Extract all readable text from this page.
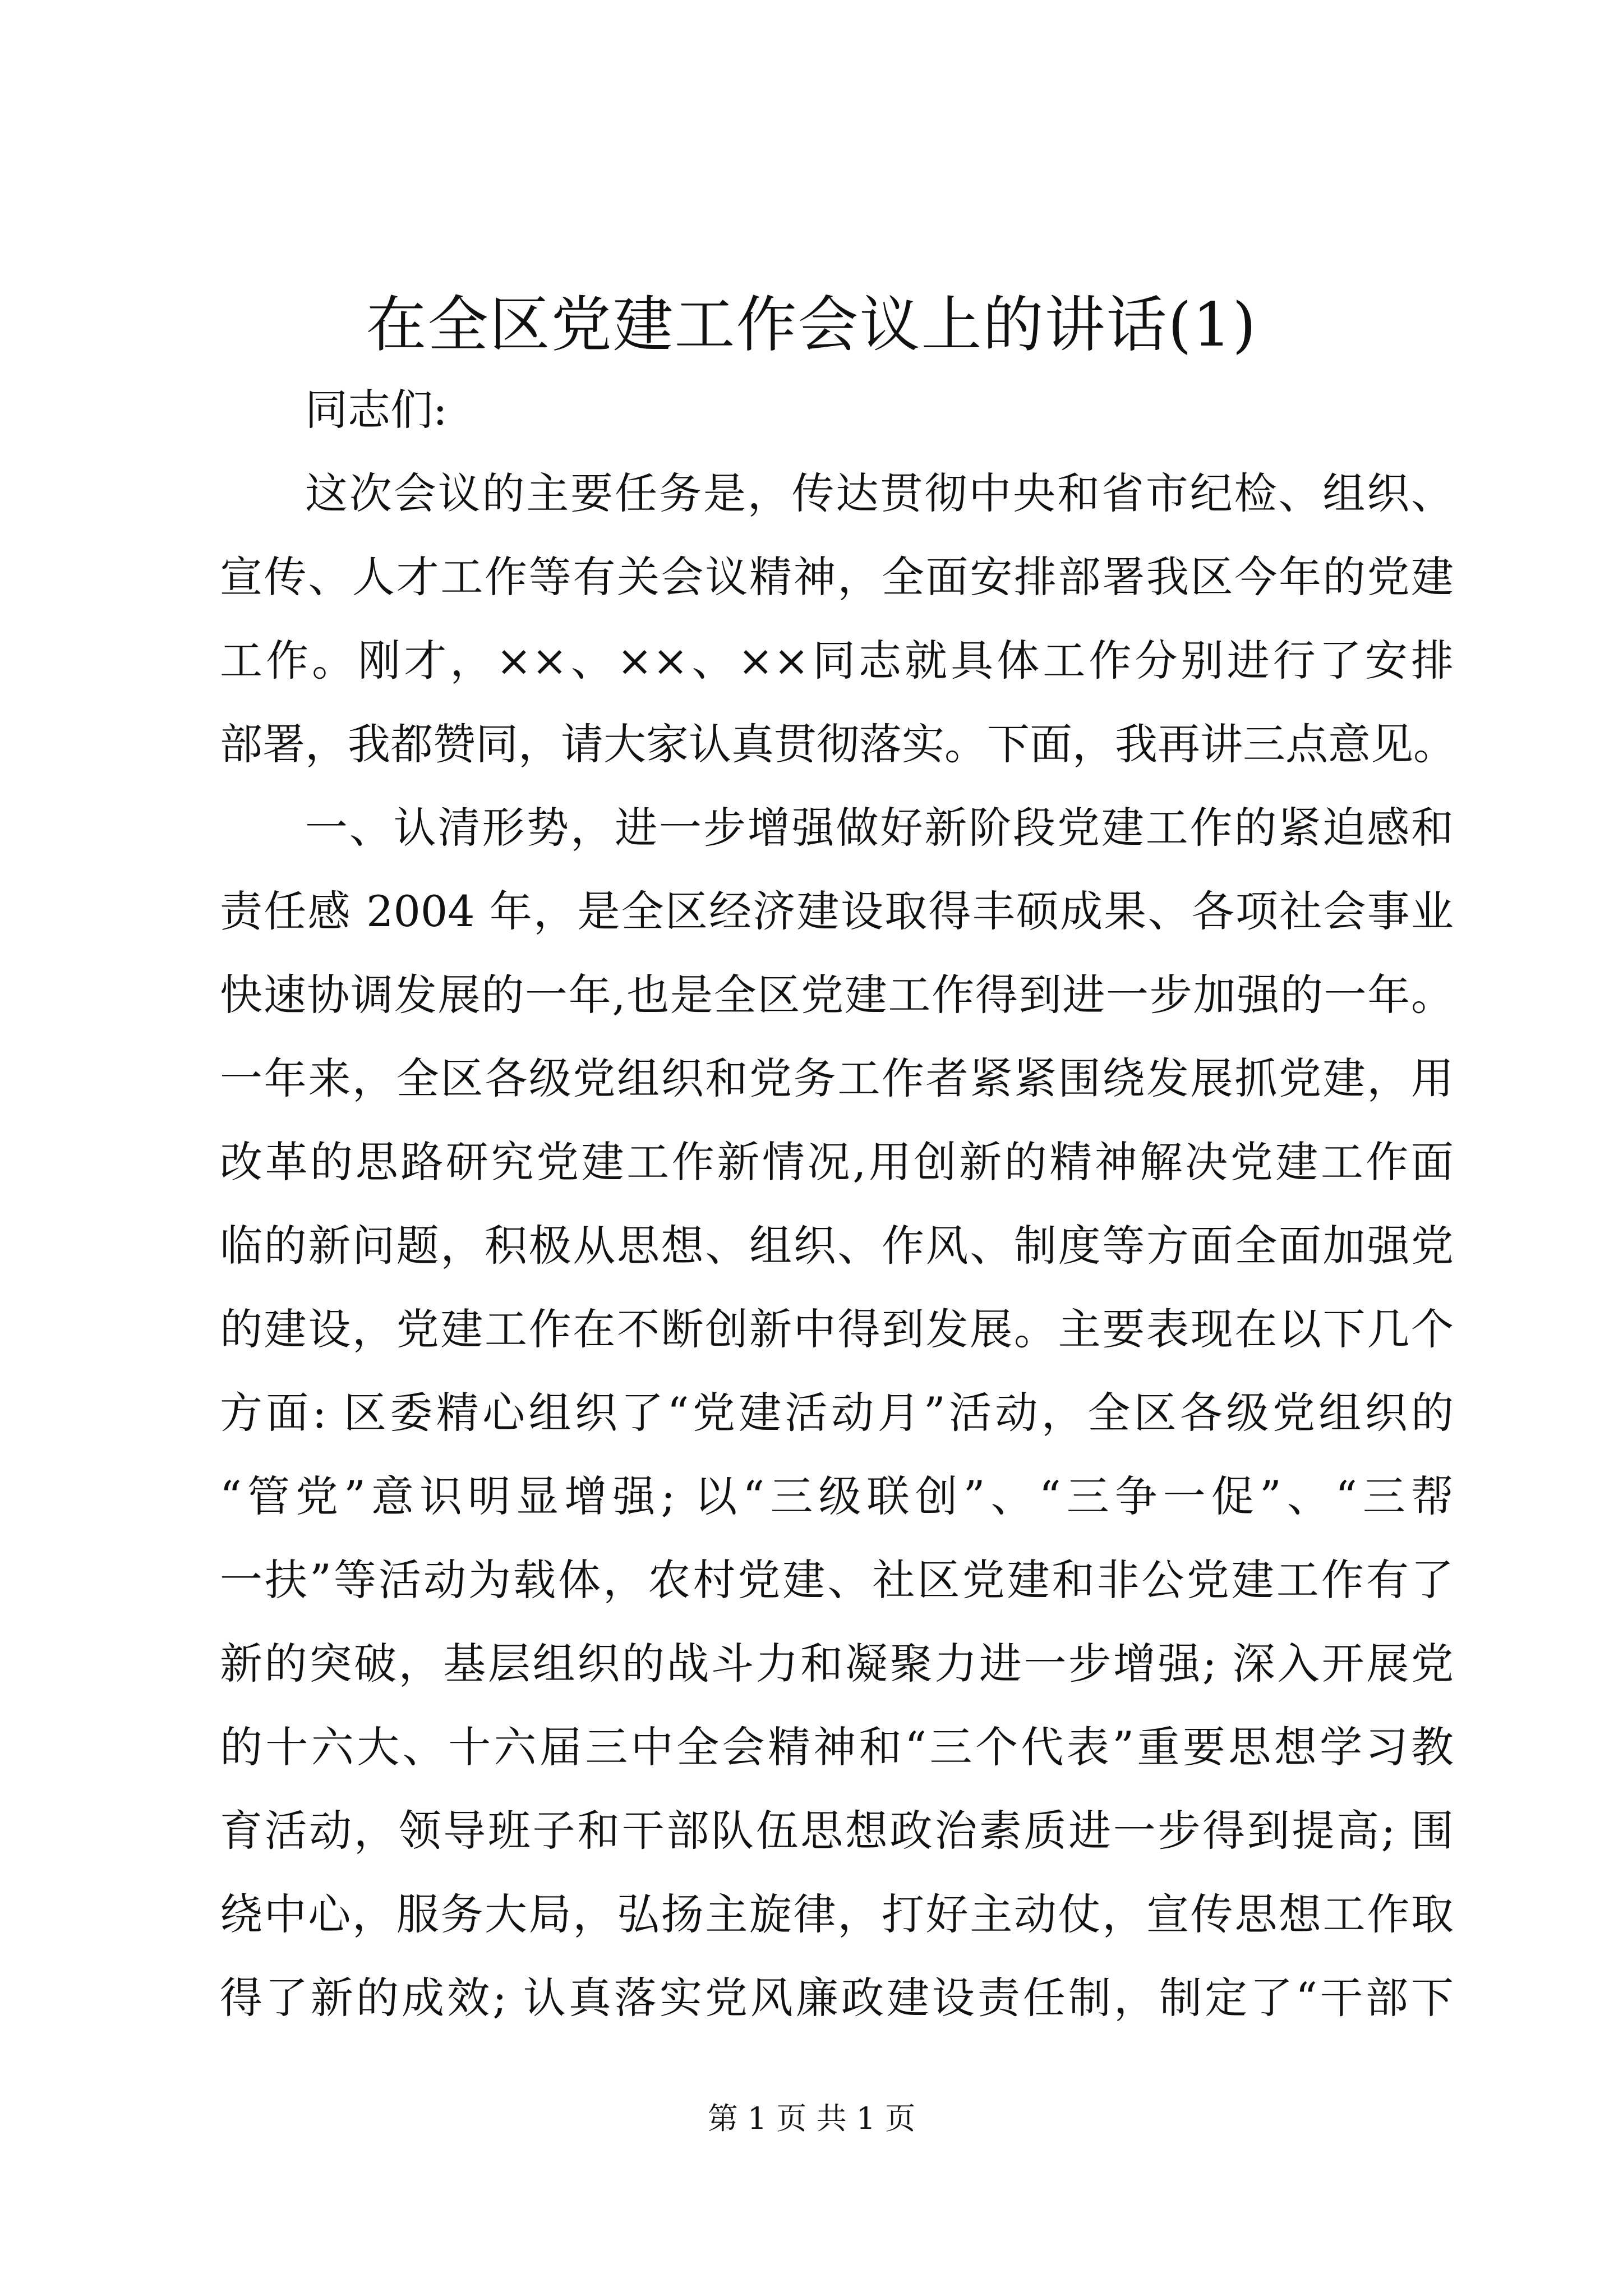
在全区党建工作会议上的讲话(1)
同志们:
这次会议的主要任务是，传达贯彻中央和省市纪检、组织、
宣传、人才工作等有关会议精神，全面安排部署我区今年的党建
工作。刚才，××、××、××同志就具体工作分别进行了安排
部署，我都赞同，请大家认真贯彻落实。下面，我再讲三点意见。
一、认清形势，进一步增强做好新阶段党建工作的紧迫感和
责任感 2004 年，是全区经济建设取得丰硕成果、各项社会事业
快速协调发展的一年,也是全区党建工作得到进一步加强的一年。
一年来，全区各级党组织和党务工作者紧紧围绕发展抓党建，用
改革的思路研究党建工作新情况,用创新的精神解决党建工作面
临的新问题，积极从思想、组织、作风、制度等方面全面加强党
的建设，党建工作在不断创新中得到发展。主要表现在以下几个
方面: 区委精心组织了“党建活动月”活动，全区各级党组织的
“管党”意识明显增强; 以“三级联创”、“三争一促”、“三帮
一扶”等活动为载体，农村党建、社区党建和非公党建工作有了
新的突破，基层组织的战斗力和凝聚力进一步增强; 深入开展党
的十六大、十六届三中全会精神和“三个代表”重要思想学习教
育活动，领导班子和干部队伍思想政治素质进一步得到提高; 围
绕中心，服务大局，弘扬主旋律，打好主动仗，宣传思想工作取
得了新的成效; 认真落实党风廉政建设责任制，制定了“干部下
第 1 页 共 1 页
